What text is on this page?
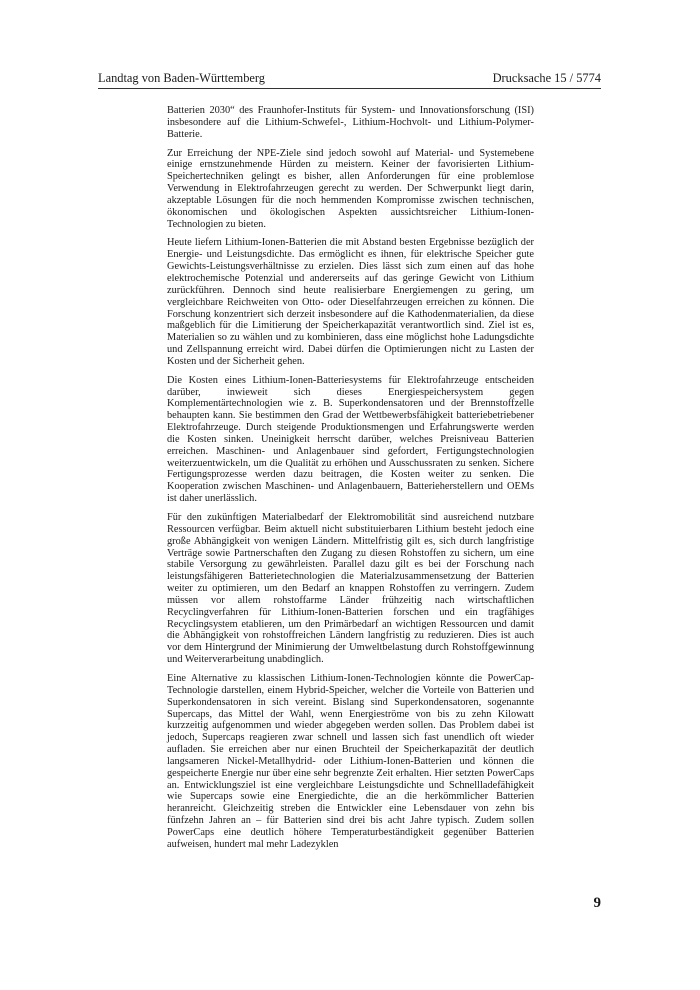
Landtag von Baden-Württemberg	Drucksache 15 / 5774

Batterien 2030“ des Fraunhofer-Instituts für System- und Innovationsforschung (ISI) insbesondere auf die Lithium-Schwefel-, Lithium-Hochvolt- und Lithium-Polymer-Batterie.

Zur Erreichung der NPE-Ziele sind jedoch sowohl auf Material- und Systemebene einige ernstzunehmende Hürden zu meistern. Keiner der favorisierten Lithium-Speichertechniken gelingt es bisher, allen Anforderungen für eine problemlose Verwendung in Elektrofahrzeugen gerecht zu werden. Der Schwerpunkt liegt darin, akzeptable Lösungen für die noch hemmenden Kompromisse zwischen technischen, ökonomischen und ökologischen Aspekten aussichtsreicher Lithium-Ionen-Technologien zu bieten.

Heute liefern Lithium-Ionen-Batterien die mit Abstand besten Ergebnisse bezüglich der Energie- und Leistungsdichte. Das ermöglicht es ihnen, für elektrische Speicher gute Gewichts-Leistungsverhältnisse zu erzielen. Dies lässt sich zum einen auf das hohe elektrochemische Potenzial und andererseits auf das geringe Gewicht von Lithium zurückführen. Dennoch sind heute realisierbare Energiemengen zu gering, um vergleichbare Reichweiten von Otto- oder Dieselfahrzeugen erreichen zu können. Die Forschung konzentriert sich derzeit insbesondere auf die Kathodenmaterialien, da diese maßgeblich für die Limitierung der Speicherkapazität verantwortlich sind. Ziel ist es, Materialien so zu wählen und zu kombinieren, dass eine möglichst hohe Ladungsdichte und Zellspannung erreicht wird. Dabei dürfen die Optimierungen nicht zu Lasten der Kosten und der Sicherheit gehen.

Die Kosten eines Lithium-Ionen-Batteriesystems für Elektrofahrzeuge entscheiden darüber, inwieweit sich dieses Energiespeichersystem gegen Komplementärtechnologien wie z. B. Superkondensatoren und der Brennstoffzelle behaupten kann. Sie bestimmen den Grad der Wettbewerbsfähigkeit batteriebetriebener Elektrofahrzeuge. Durch steigende Produktionsmengen und Erfahrungswerte werden die Kosten sinken. Uneinigkeit herrscht darüber, welches Preisniveau Batterien erreichen. Maschinen- und Anlagenbauer sind gefordert, Fertigungstechnologien weiterzuentwickeln, um die Qualität zu erhöhen und Ausschussraten zu senken. Sichere Fertigungsprozesse werden dazu beitragen, die Kosten weiter zu senken. Die Kooperation zwischen Maschinen- und Anlagenbauern, Batterieherstellern und OEMs ist daher unerlässlich.

Für den zukünftigen Materialbedarf der Elektromobilität sind ausreichend nutzbare Ressourcen verfügbar. Beim aktuell nicht substituierbaren Lithium besteht jedoch eine große Abhängigkeit von wenigen Ländern. Mittelfristig gilt es, sich durch langfristige Verträge sowie Partnerschaften den Zugang zu diesen Rohstoffen zu sichern, um eine stabile Versorgung zu gewährleisten. Parallel dazu gilt es bei der Forschung nach leistungsfähigeren Batterietechnologien die Materialzusammensetzung der Batterien weiter zu optimieren, um den Bedarf an knappen Rohstoffen zu verringern. Zudem müssen vor allem rohstoffarme Länder frühzeitig nach wirtschaftlichen Recyclingverfahren für Lithium-Ionen-Batterien forschen und ein tragfähiges Recyclingsystem etablieren, um den Primärbedarf an wichtigen Ressourcen und damit die Abhängigkeit von rohstoffreichen Ländern langfristig zu reduzieren. Dies ist auch vor dem Hintergrund der Minimierung der Umweltbelastung durch Rohstoffgewinnung und Weiterverarbeitung unabdinglich.

Eine Alternative zu klassischen Lithium-Ionen-Technologien könnte die PowerCap-Technologie darstellen, einem Hybrid-Speicher, welcher die Vorteile von Batterien und Superkondensatoren in sich vereint. Bislang sind Superkondensatoren, sogenannte Supercaps, das Mittel der Wahl, wenn Energieströme von bis zu zehn Kilowatt kurzzeitig aufgenommen und wieder abgegeben werden sollen. Das Problem dabei ist jedoch, Supercaps reagieren zwar schnell und lassen sich fast unendlich oft wieder aufladen. Sie erreichen aber nur einen Bruchteil der Speicherkapazität der deutlich langsameren Nickel-Metallhydrid- oder Lithium-Ionen-Batterien und können die gespeicherte Energie nur über eine sehr begrenzte Zeit erhalten. Hier setzten PowerCaps an. Entwicklungsziel ist eine vergleichbare Leistungsdichte und Schnellladefähigkeit wie Supercaps sowie eine Energiedichte, die an die herkömmlicher Batterien heranreicht. Gleichzeitig streben die Entwickler eine Lebensdauer von zehn bis fünfzehn Jahren an – für Batterien sind drei bis acht Jahre typisch. Zudem sollen PowerCaps eine deutlich höhere Temperaturbeständigkeit gegenüber Batterien aufweisen, hundert mal mehr Ladezyklen

9
